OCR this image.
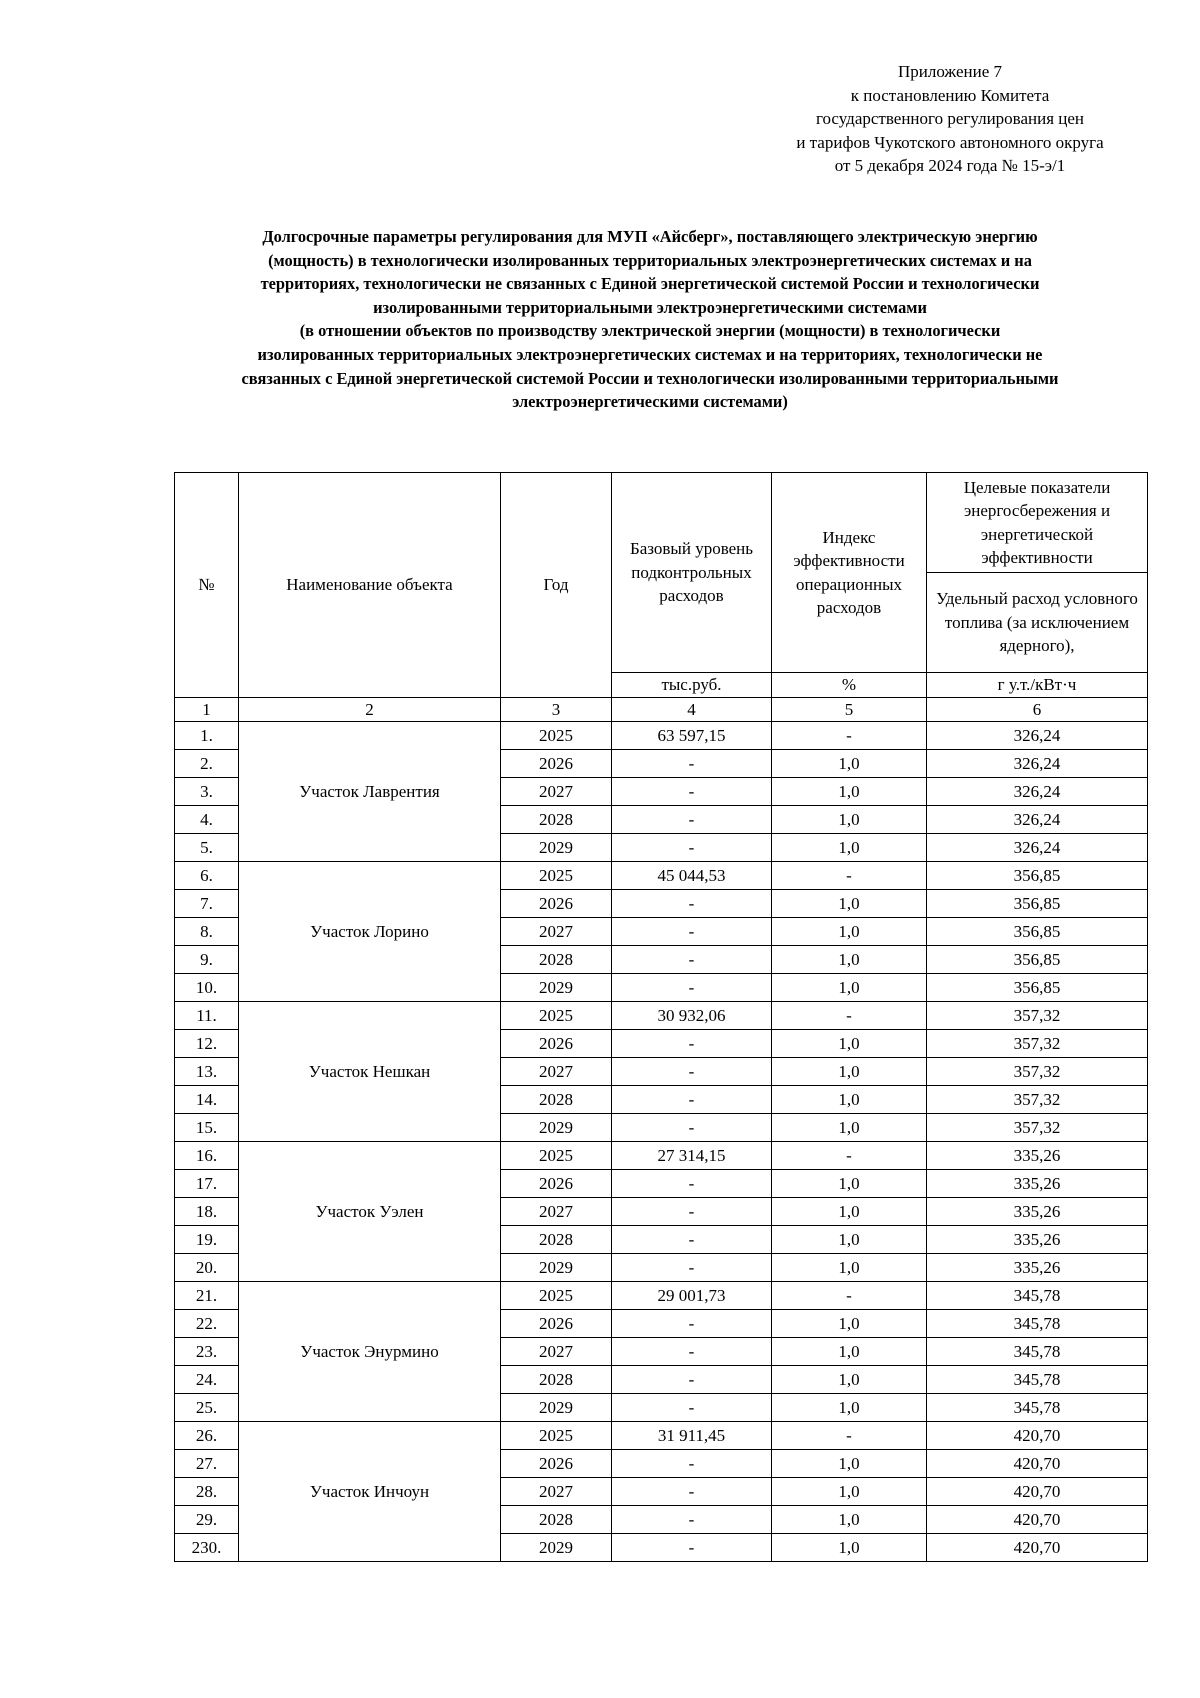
Приложение 7
к постановлению Комитета
государственного регулирования цен
и тарифов Чукотского автономного округа
от 5 декабря 2024 года № 15-э/1
Долгосрочные параметры регулирования для МУП «Айсберг», поставляющего электрическую энергию
(мощность) в технологически изолированных территориальных электроэнергетических системах и на
территориях, технологически не связанных с Единой энергетической системой России и технологически
изолированными территориальными электроэнергетическими системами
(в отношении объектов по производству электрической энергии (мощности) в технологически
изолированных территориальных электроэнергетических системах и на территориях, технологически не
связанных с Единой энергетической системой России и технологически изолированными территориальными
электроэнергетическими системами)
№	Наименование объекта	Год	Базовый уровень подконтрольных расходов	Индекс эффективности операционных расходов	Целевые показатели энергосбережения и энергетической эффективности
					Удельный расход условного топлива (за исключением ядерного),
			тыс.руб.	%	г у.т./кВт·ч
1	2	3	4	5	6
1.	Участок Лаврентия	2025	63 597,15	-	326,24
2.		2026	-	1,0	326,24
3.		2027	-	1,0	326,24
4.		2028	-	1,0	326,24
5.		2029	-	1,0	326,24
6.	Участок Лорино	2025	45 044,53	-	356,85
7.		2026	-	1,0	356,85
8.		2027	-	1,0	356,85
9.		2028	-	1,0	356,85
10.		2029	-	1,0	356,85
11.	Участок Нешкан	2025	30 932,06	-	357,32
12.		2026	-	1,0	357,32
13.		2027	-	1,0	357,32
14.		2028	-	1,0	357,32
15.		2029	-	1,0	357,32
16.	Участок Уэлен	2025	27 314,15	-	335,26
17.		2026	-	1,0	335,26
18.		2027	-	1,0	335,26
19.		2028	-	1,0	335,26
20.		2029	-	1,0	335,26
21.	Участок Энурмино	2025	29 001,73	-	345,78
22.		2026	-	1,0	345,78
23.		2027	-	1,0	345,78
24.		2028	-	1,0	345,78
25.		2029	-	1,0	345,78
26.	Участок Инчоун	2025	31 911,45	-	420,70
27.		2026	-	1,0	420,70
28.		2027	-	1,0	420,70
29.		2028	-	1,0	420,70
230.		2029	-	1,0	420,70
